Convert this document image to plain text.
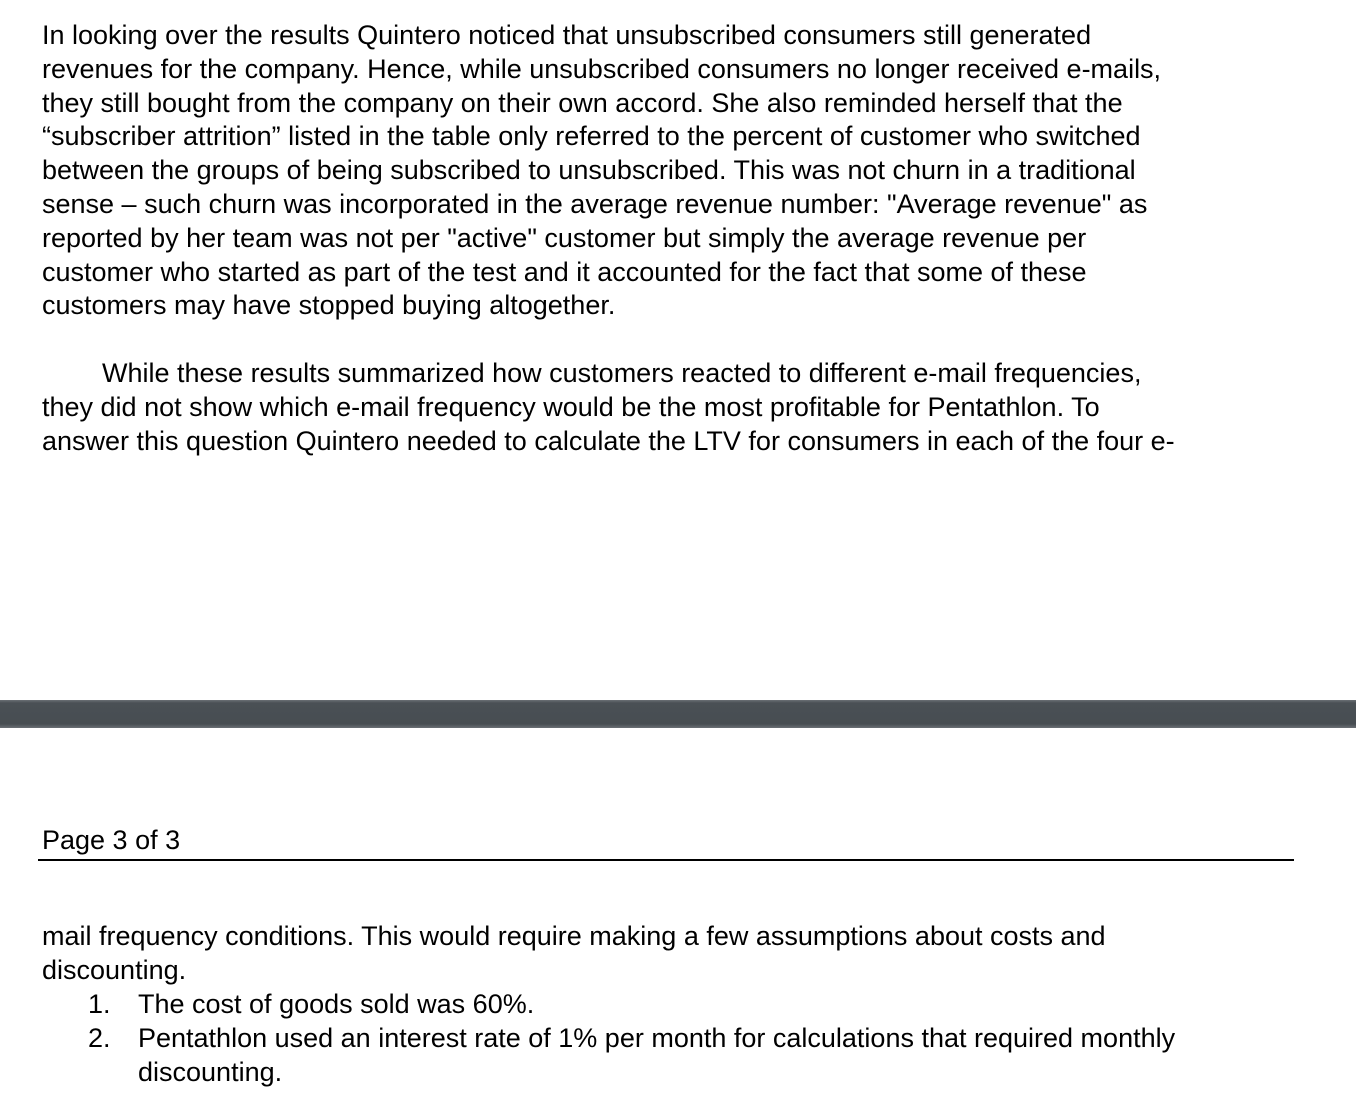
In looking over the results Quintero noticed that unsubscribed consumers still generated
revenues for the company. Hence, while unsubscribed consumers no longer received e-mails,
they still bought from the company on their own accord. She also reminded herself that the
“subscriber attrition” listed in the table only referred to the percent of customer who switched
between the groups of being subscribed to unsubscribed. This was not churn in a traditional
sense – such churn was incorporated in the average revenue number: "Average revenue" as
reported by her team was not per "active" customer but simply the average revenue per
customer who started as part of the test and it accounted for the fact that some of these
customers may have stopped buying altogether.

While these results summarized how customers reacted to different e-mail frequencies,
they did not show which e-mail frequency would be the most profitable for Pentathlon. To
answer this question Quintero needed to calculate the LTV for consumers in each of the four e-

Page 3 of 3

mail frequency conditions. This would require making a few assumptions about costs and
discounting.

1. The cost of goods sold was 60%.
2. Pentathlon used an interest rate of 1% per month for calculations that required monthly
discounting.
